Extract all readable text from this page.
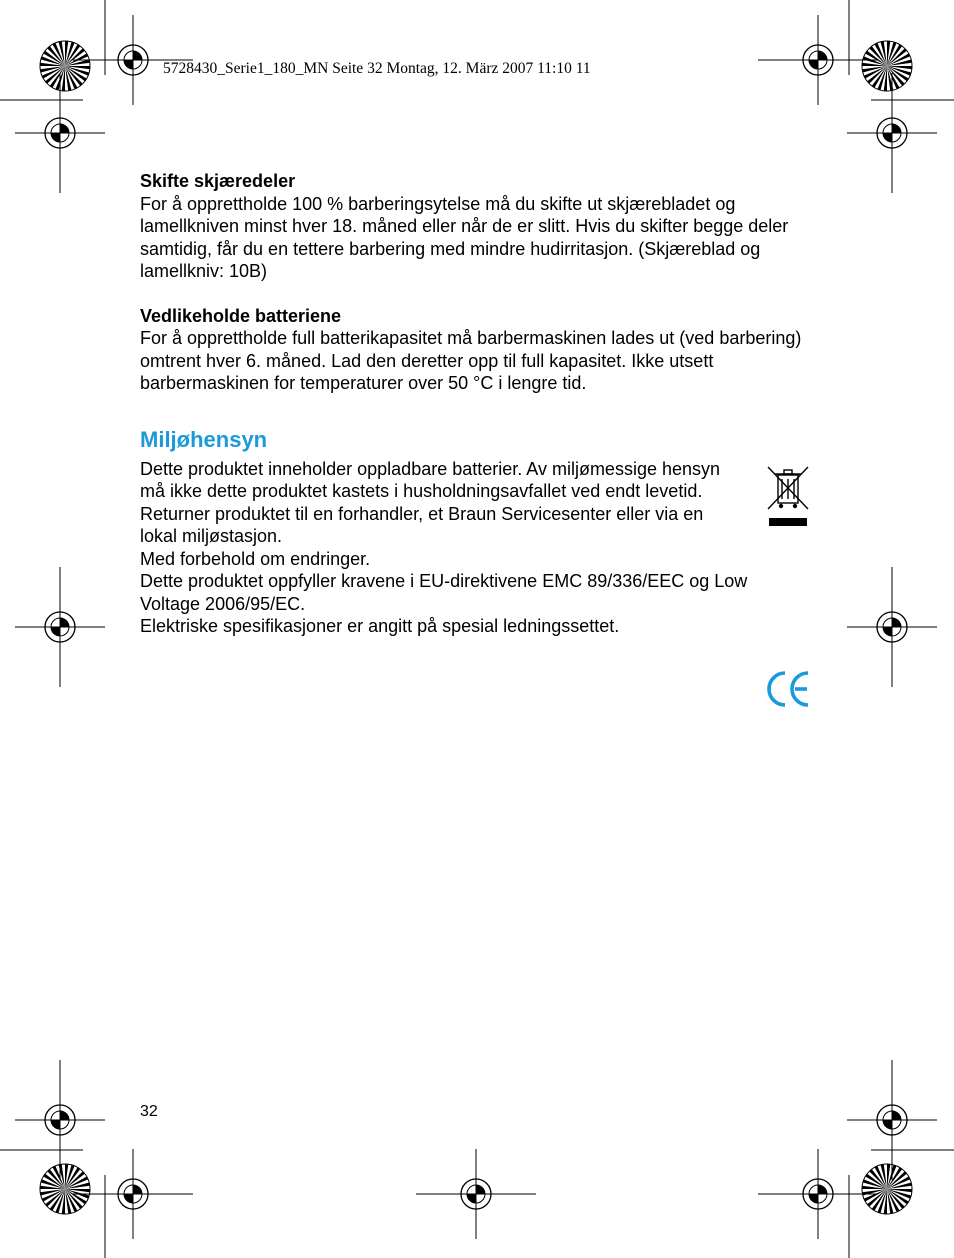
5728430_Serie1_180_MN Seite 32 Montag, 12. März 2007 11:10 11

Skifte skjæredeler

For å opprettholde 100 % barberingsytelse må du skifte ut skjærebladet og lamellkniven minst hver 18. måned eller når de er slitt. Hvis du skifter begge deler samtidig, får du en tettere barbering med mindre hudirritasjon. (Skjæreblad og lamellkniv: 10B)

Vedlikeholde batteriene

For å opprettholde full batterikapasitet må barbermaskinen lades ut (ved barbering) omtrent hver 6. måned. Lad den deretter opp til full kapasitet. Ikke utsett barbermaskinen for temperaturer over 50 °C i lengre tid.

Miljøhensyn

Dette produktet inneholder oppladbare batterier. Av miljømessige hensyn må ikke dette produktet kastets i husholdningsavfallet ved endt levetid. Returner produktet til en forhandler, et Braun Servicesenter eller via en lokal miljøstasjon.

Med forbehold om endringer.

Dette produktet oppfyller kravene i EU-direktivene EMC 89/336/EEC og Low Voltage 2006/95/EC.

Elektriske spesifikasjoner er angitt på spesial ledningssettet.

32
